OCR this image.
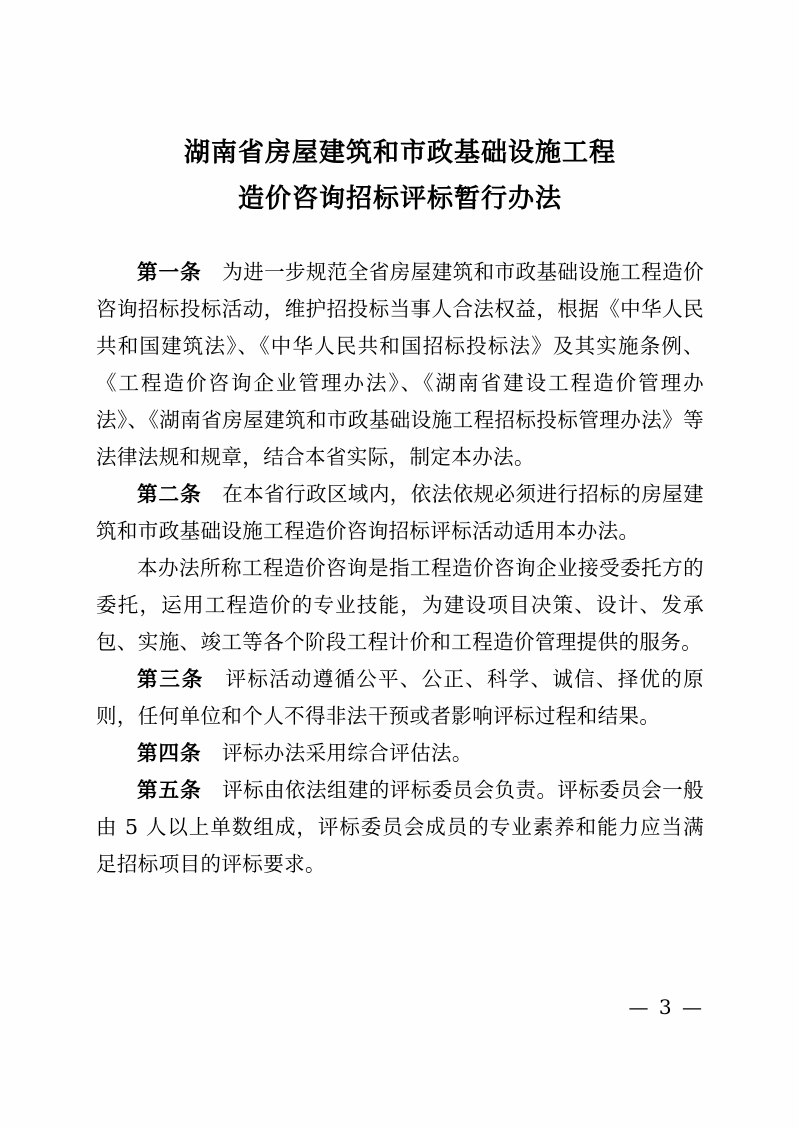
湖南省房屋建筑和市政基础设施工程
造价咨询招标评标暂行办法

第一条 为进一步规范全省房屋建筑和市政基础设施工程造价咨询招标投标活动，维护招投标当事人合法权益，根据《中华人民共和国建筑法》、《中华人民共和国招标投标法》及其实施条例、《工程造价咨询企业管理办法》、《湖南省建设工程造价管理办法》、《湖南省房屋建筑和市政基础设施工程招标投标管理办法》等法律法规和规章，结合本省实际，制定本办法。

第二条 在本省行政区域内，依法依规必须进行招标的房屋建筑和市政基础设施工程造价咨询招标评标活动适用本办法。

本办法所称工程造价咨询是指工程造价咨询企业接受委托方的委托，运用工程造价的专业技能，为建设项目决策、设计、发承包、实施、竣工等各个阶段工程计价和工程造价管理提供的服务。

第三条 评标活动遵循公平、公正、科学、诚信、择优的原则，任何单位和个人不得非法干预或者影响评标过程和结果。

第四条 评标办法采用综合评估法。

第五条 评标由依法组建的评标委员会负责。评标委员会一般由 5 人以上单数组成，评标委员会成员的专业素养和能力应当满足招标项目的评标要求。

— 3 —
